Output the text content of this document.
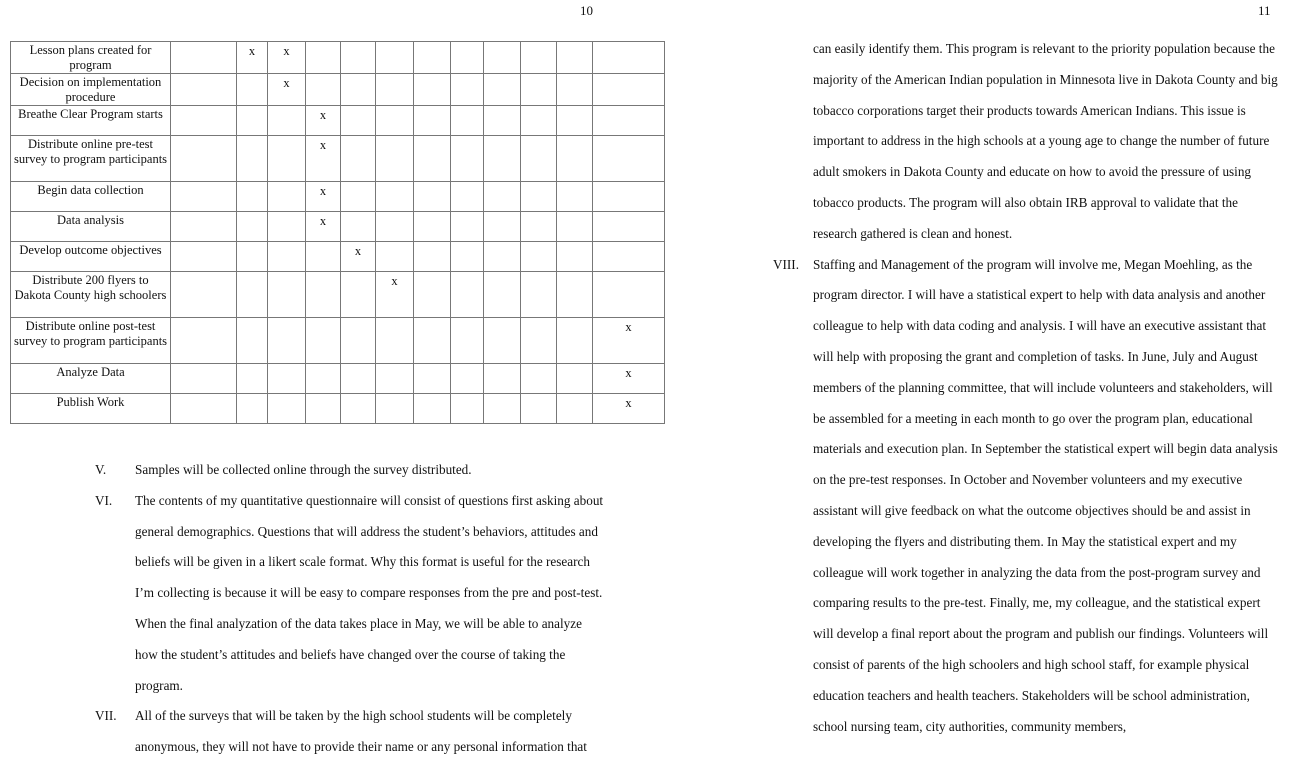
10	11
Lesson plans created for program		x	x									
Decision on implementation procedure			x									
Breathe Clear Program starts				x								
Distribute online pre-test survey to program participants				x								
Begin data collection				x								
Data analysis				x								
Develop outcome objectives					x							
Distribute 200 flyers to Dakota County high schoolers						x						
Distribute online post-test survey to program participants												x
Analyze Data												x
Publish Work												x
V. Samples will be collected online through the survey distributed.
VI. The contents of my quantitative questionnaire will consist of questions first asking about general demographics. Questions that will address the student’s behaviors, attitudes and beliefs will be given in a likert scale format. Why this format is useful for the research I’m collecting is because it will be easy to compare responses from the pre and post-test. When the final analyzation of the data takes place in May, we will be able to analyze how the student’s attitudes and beliefs have changed over the course of taking the program.
VII. All of the surveys that will be taken by the high school students will be completely anonymous, they will not have to provide their name or any personal information that
can easily identify them. This program is relevant to the priority population because the majority of the American Indian population in Minnesota live in Dakota County and big tobacco corporations target their products towards American Indians. This issue is important to address in the high schools at a young age to change the number of future adult smokers in Dakota County and educate on how to avoid the pressure of using tobacco products. The program will also obtain IRB approval to validate that the research gathered is clean and honest.
VIII. Staffing and Management of the program will involve me, Megan Moehling, as the program director. I will have a statistical expert to help with data analysis and another colleague to help with data coding and analysis. I will have an executive assistant that will help with proposing the grant and completion of tasks. In June, July and August members of the planning committee, that will include volunteers and stakeholders, will be assembled for a meeting in each month to go over the program plan, educational materials and execution plan. In September the statistical expert will begin data analysis on the pre-test responses. In October and November volunteers and my executive assistant will give feedback on what the outcome objectives should be and assist in developing the flyers and distributing them. In May the statistical expert and my colleague will work together in analyzing the data from the post-program survey and comparing results to the pre-test. Finally, me, my colleague, and the statistical expert will develop a final report about the program and publish our findings. Volunteers will consist of parents of the high schoolers and high school staff, for example physical education teachers and health teachers. Stakeholders will be school administration, school nursing team, city authorities, community members,
